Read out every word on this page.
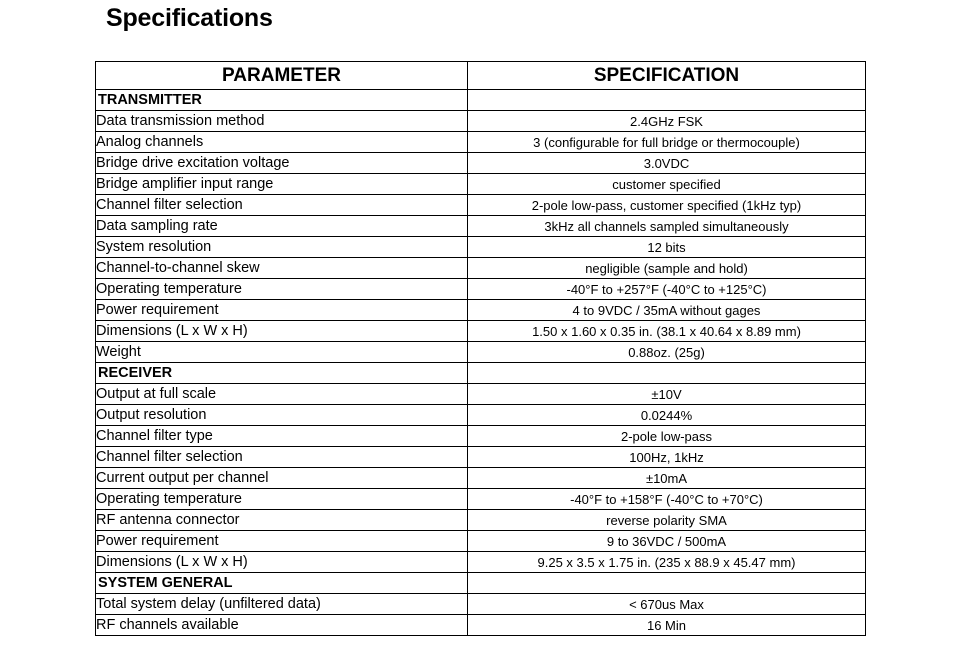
Specifications
PARAMETER	SPECIFICATION
TRANSMITTER	
Data transmission method	2.4GHz FSK
Analog channels	3 (configurable for full bridge or thermocouple)
Bridge drive excitation voltage	3.0VDC
Bridge amplifier input range	customer specified
Channel filter selection	2-pole low-pass, customer specified (1kHz typ)
Data sampling rate	3kHz all channels sampled simultaneously
System resolution	12 bits
Channel-to-channel skew	negligible (sample and hold)
Operating temperature	-40°F to +257°F (-40°C to +125°C)
Power requirement	4 to 9VDC / 35mA without gages
Dimensions (L x W x H)	1.50 x 1.60 x 0.35 in. (38.1 x 40.64 x 8.89 mm)
Weight	0.88oz. (25g)
RECEIVER	
Output at full scale	±10V
Output resolution	0.0244%
Channel filter type	2-pole low-pass
Channel filter selection	100Hz, 1kHz
Current output per channel	±10mA
Operating temperature	-40°F to +158°F (-40°C to +70°C)
RF antenna connector	reverse polarity SMA
Power requirement	9 to 36VDC / 500mA
Dimensions (L x W x H)	9.25 x 3.5 x 1.75 in. (235 x 88.9 x 45.47 mm)
SYSTEM GENERAL	
Total system delay (unfiltered data)	< 670us Max
RF channels available	16 Min
